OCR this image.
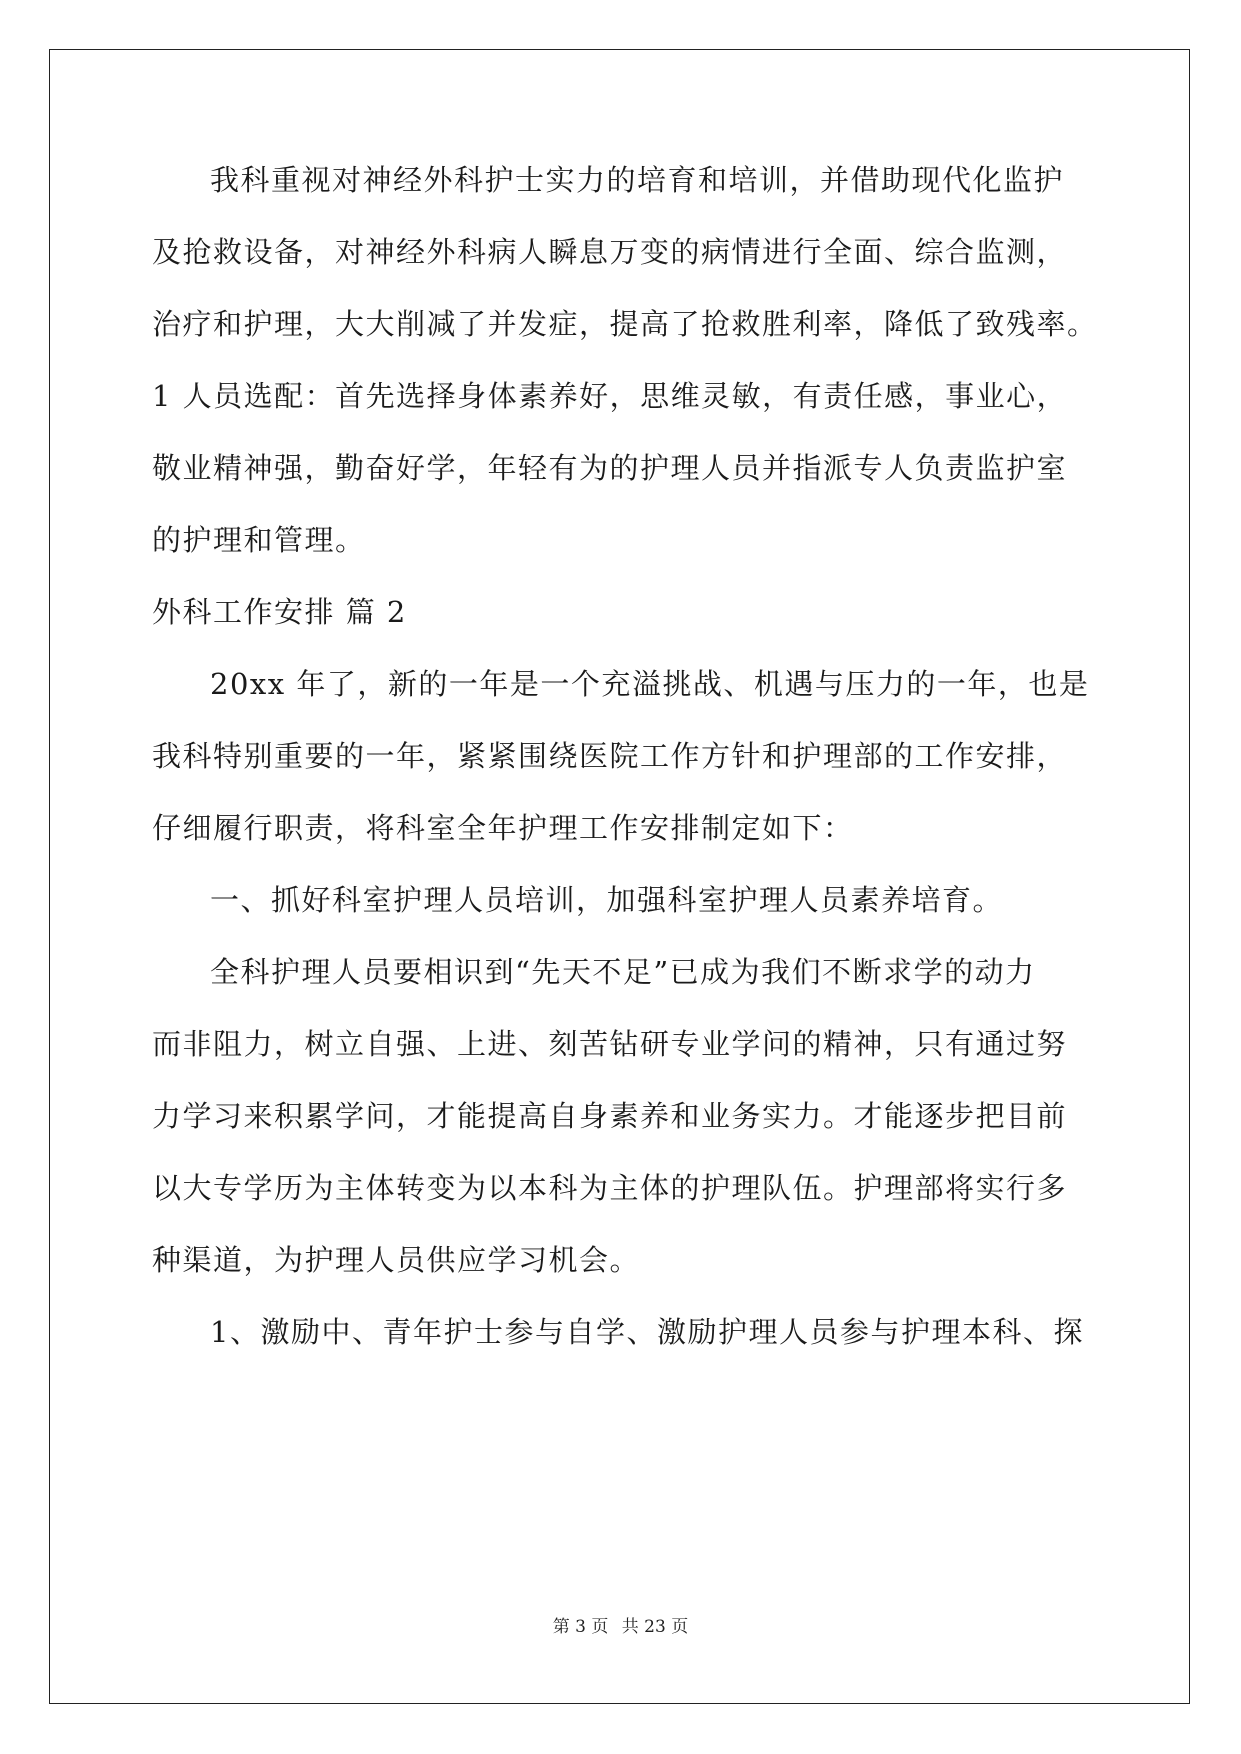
我科重视对神经外科护士实力的培育和培训，并借助现代化监护
及抢救设备，对神经外科病人瞬息万变的病情进行全面、综合监测，
治疗和护理，大大削减了并发症，提高了抢救胜利率，降低了致残率。
1 人员选配：首先选择身体素养好，思维灵敏，有责任感，事业心，
敬业精神强，勤奋好学，年轻有为的护理人员并指派专人负责监护室
的护理和管理。
外科工作安排 篇 2
20xx 年了，新的一年是一个充溢挑战、机遇与压力的一年，也是
我科特别重要的一年，紧紧围绕医院工作方针和护理部的工作安排，
仔细履行职责，将科室全年护理工作安排制定如下：
一、抓好科室护理人员培训，加强科室护理人员素养培育。
全科护理人员要相识到“先天不足”已成为我们不断求学的动力
而非阻力，树立自强、上进、刻苦钻研专业学问的精神，只有通过努
力学习来积累学问，才能提高自身素养和业务实力。才能逐步把目前
以大专学历为主体转变为以本科为主体的护理队伍。护理部将实行多
种渠道，为护理人员供应学习机会。
1、激励中、青年护士参与自学、激励护理人员参与护理本科、探
第 3 页 共 23 页
